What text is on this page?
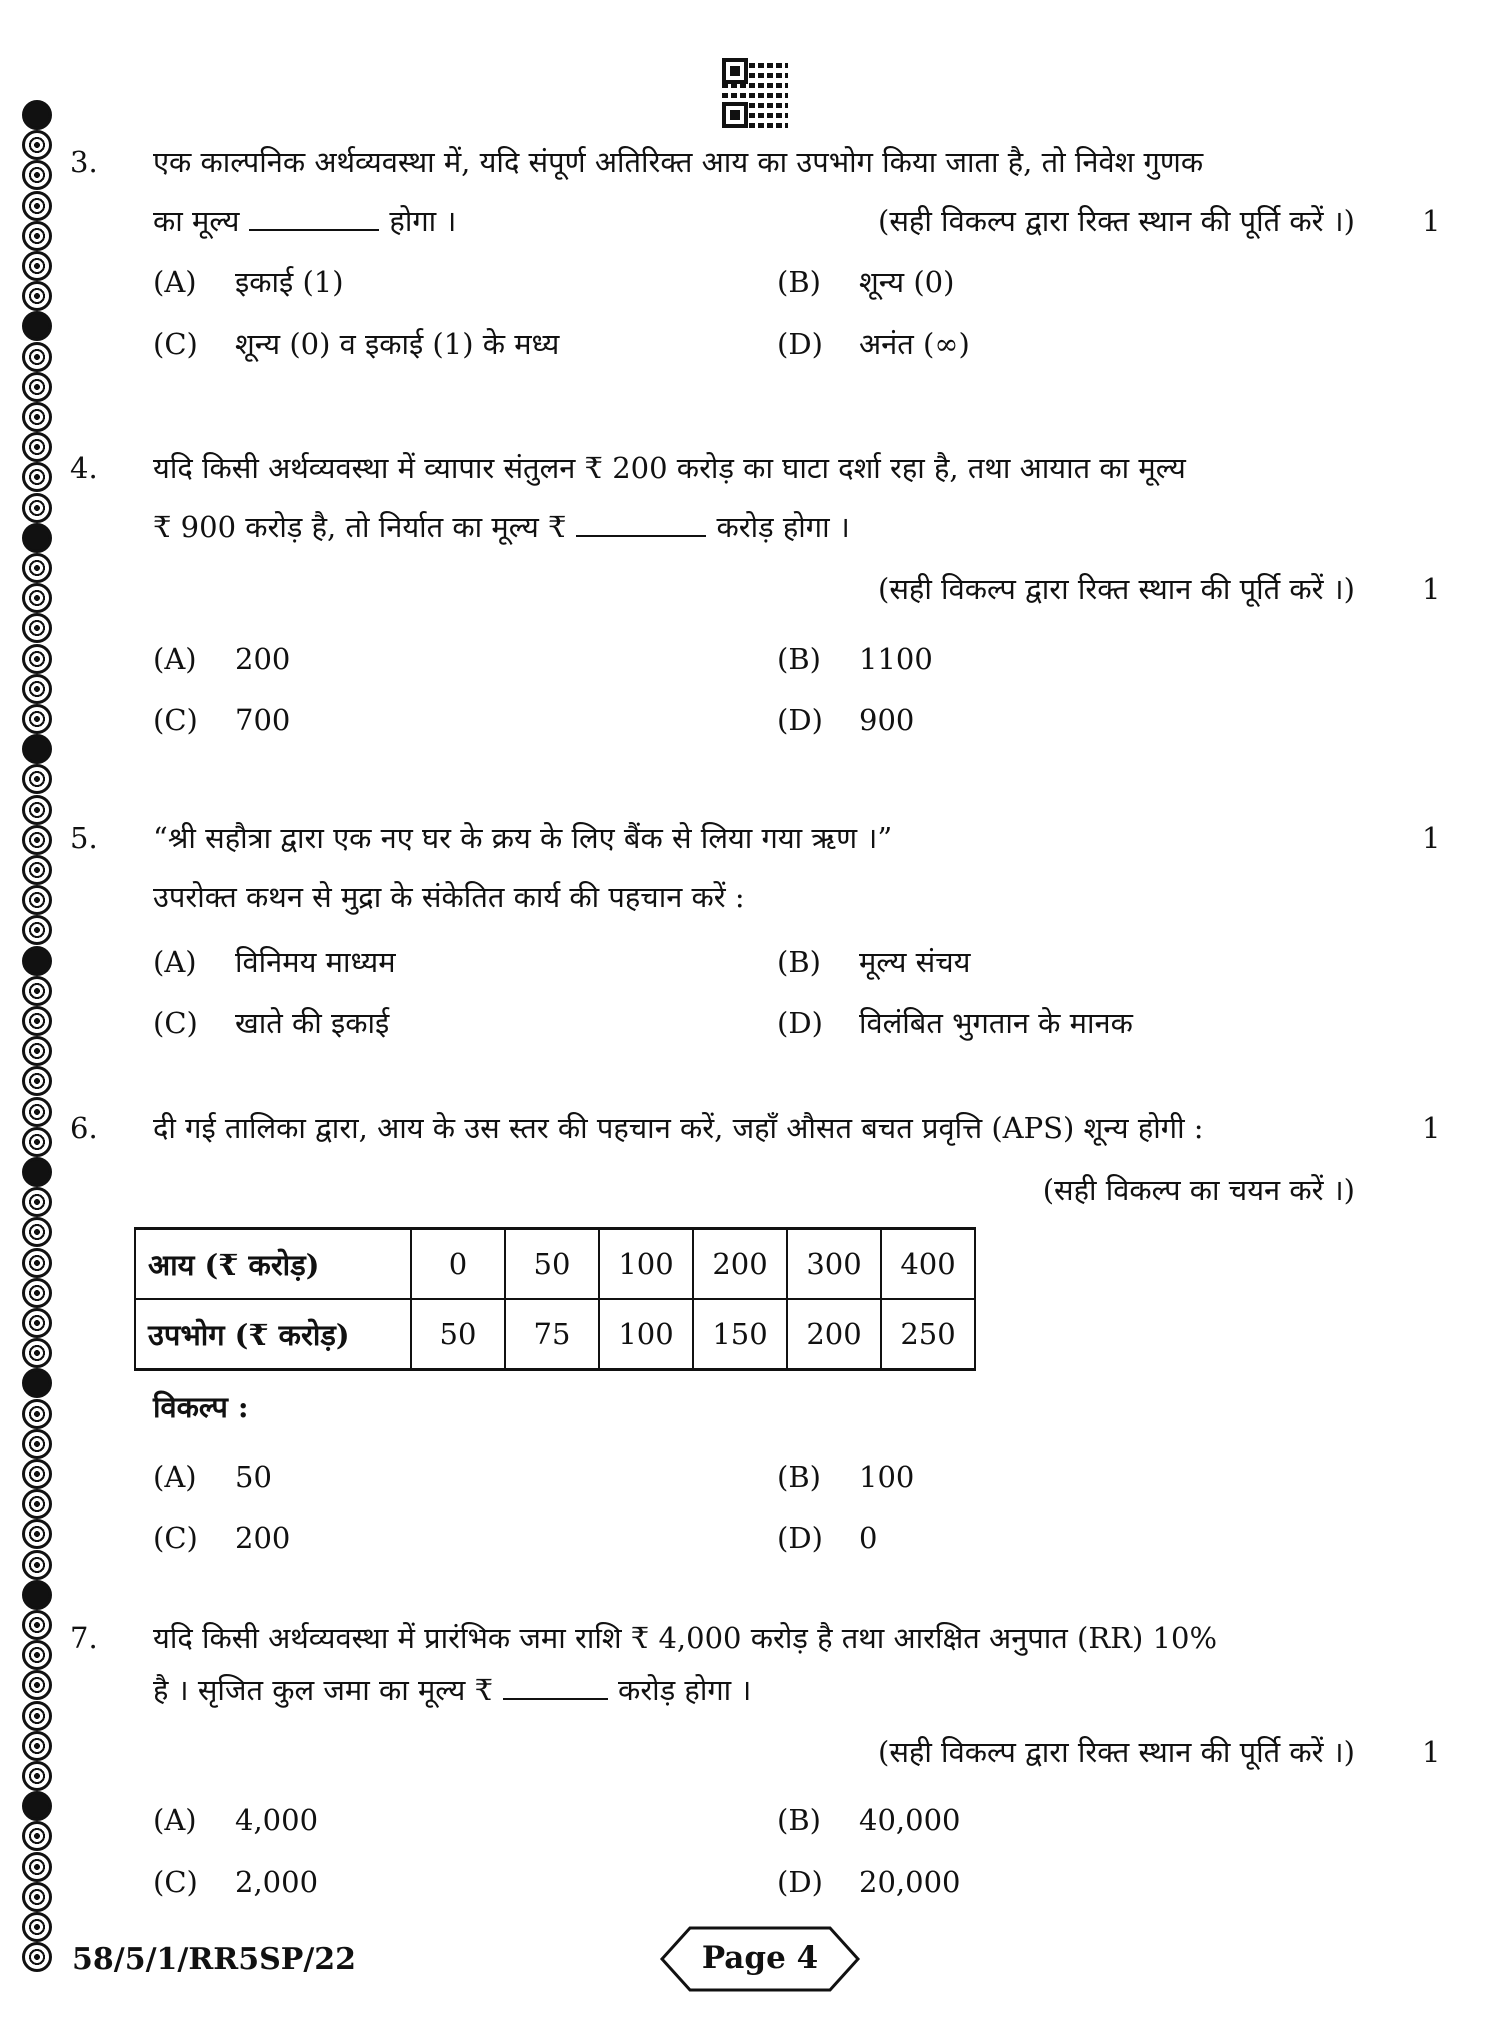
3. एक काल्पनिक अर्थव्यवस्था में, यदि संपूर्ण अतिरिक्त आय का उपभोग किया जाता है, तो निवेश गुणक
का मूल्य	होगा ।	(सही विकल्प द्वारा रिक्त स्थान की पूर्ति करें ।) 1
(A) इकाई (1)	(B) शून्य (0)
(C) शून्य (0) व इकाई (1) के मध्य	(D) अनंत (∞)
4. यदि किसी अर्थव्यवस्था में व्यापार संतुलन ₹ 200 करोड़ का घाटा दर्शा रहा है, तथा आयात का मूल्य
₹ 900 करोड़ है, तो निर्यात का मूल्य ₹	करोड़ होगा ।
(सही विकल्प द्वारा रिक्त स्थान की पूर्ति करें ।) 1
(A) 200	(B) 1100
(C) 700	(D) 900
5. “श्री सहौत्रा द्वारा एक नए घर के क्रय के लिए बैंक से लिया गया ऋण ।”	1
उपरोक्त कथन से मुद्रा के संकेतित कार्य की पहचान करें :
(A) विनिमय माध्यम	(B) मूल्य संचय
(C) खाते की इकाई	(D) विलंबित भुगतान के मानक
6. दी गई तालिका द्वारा, आय के उस स्तर की पहचान करें, जहाँ औसत बचत प्रवृत्ति (APS) शून्य होगी :	1
(सही विकल्प का चयन करें ।)
विकल्प :
(A) 50	(B) 100
(C) 200	(D) 0
आय (₹ करोड़)	0	50	100	200	300	400
उपभोग (₹ करोड़)	50	75	100	150	200	250
7. यदि किसी अर्थव्यवस्था में प्रारंभिक जमा राशि ₹ 4,000 करोड़ है तथा आरक्षित अनुपात (RR) 10%
है । सृजित कुल जमा का मूल्य ₹	करोड़ होगा ।
(सही विकल्प द्वारा रिक्त स्थान की पूर्ति करें ।) 1
(A) 4,000	(B) 40,000
(C) 2,000	(D) 20,000
58/5/1/RR5SP/22	Page 4
